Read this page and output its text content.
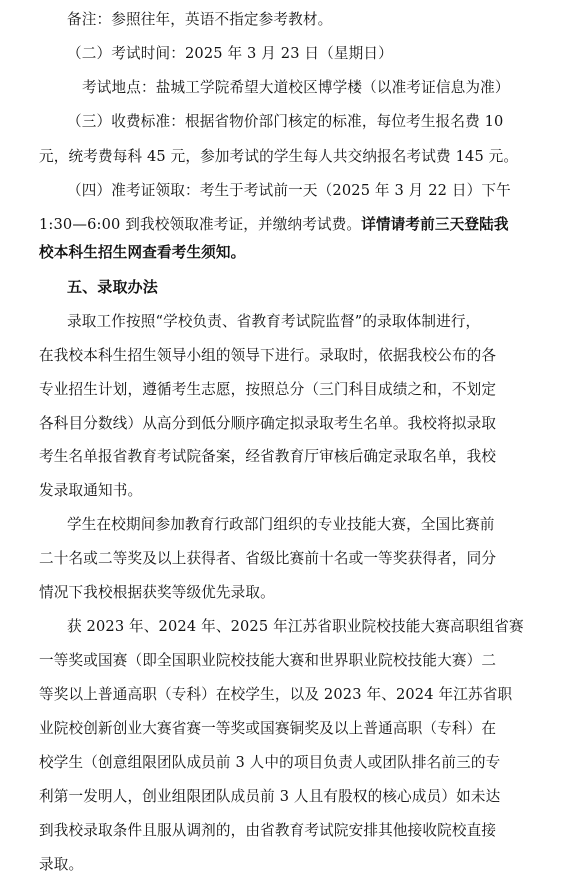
备注：参照往年，英语不指定参考教材。
（二）考试时间：2025 年 3 月 23 日（星期日）
考试地点：盐城工学院希望大道校区博学楼（以准考证信息为准）
（三）收费标准：根据省物价部门核定的标准，每位考生报名费 10
元，统考费每科 45 元，参加考试的学生每人共交纳报名考试费 145 元。
（四）准考证领取：考生于考试前一天（2025 年 3 月 22 日）下午
1:30—6:00 到我校领取准考证，并缴纳考试费。详情请考前三天登陆我
校本科生招生网查看考生须知。
五、录取办法
录取工作按照“学校负责、省教育考试院监督”的录取体制进行，
在我校本科生招生领导小组的领导下进行。录取时，依据我校公布的各
专业招生计划，遵循考生志愿，按照总分（三门科目成绩之和，不划定
各科目分数线）从高分到低分顺序确定拟录取考生名单。我校将拟录取
考生名单报省教育考试院备案，经省教育厅审核后确定录取名单，我校
发录取通知书。
学生在校期间参加教育行政部门组织的专业技能大赛，全国比赛前
二十名或二等奖及以上获得者、省级比赛前十名或一等奖获得者，同分
情况下我校根据获奖等级优先录取。
获 2023 年、2024 年、2025 年江苏省职业院校技能大赛高职组省赛
一等奖或国赛（即全国职业院校技能大赛和世界职业院校技能大赛）二
等奖以上普通高职（专科）在校学生，以及 2023 年、2024 年江苏省职
业院校创新创业大赛省赛一等奖或国赛铜奖及以上普通高职（专科）在
校学生（创意组限团队成员前 3 人中的项目负责人或团队排名前三的专
利第一发明人，创业组限团队成员前 3 人且有股权的核心成员）如未达
到我校录取条件且服从调剂的，由省教育考试院安排其他接收院校直接
录取。
